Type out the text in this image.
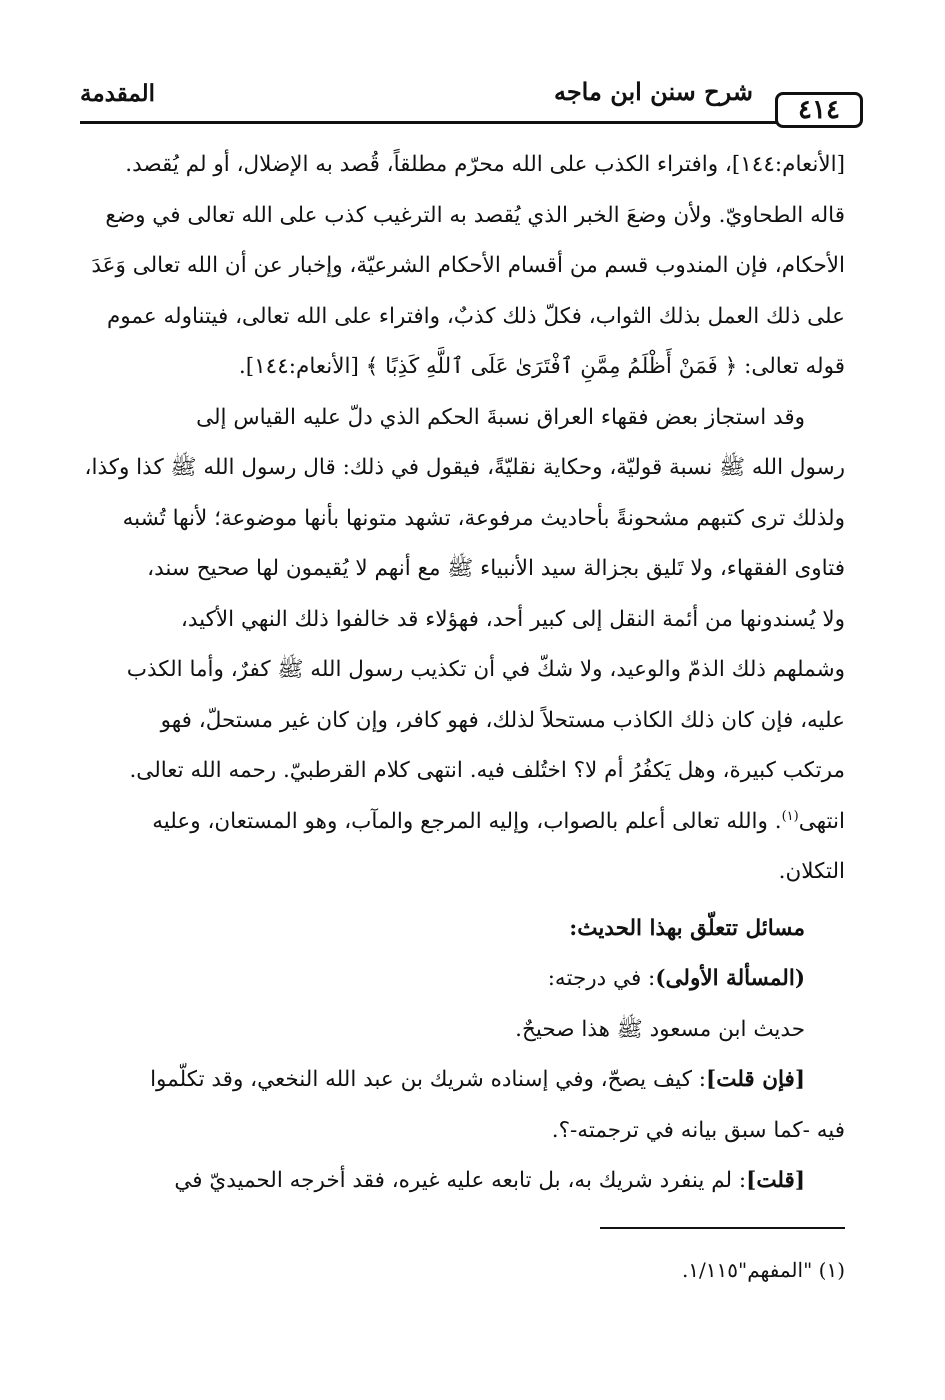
المقدمة	شرح سنن ابن ماجه
٤١٤
[الأنعام:١٤٤]، وافتراء الكذب على الله محرّم مطلقاً، قُصد به الإضلال، أو لم يُقصد.
قاله الطحاويّ. ولأن وضعَ الخبر الذي يُقصد به الترغيب كذب على الله تعالى في وضع
الأحكام، فإن المندوب قسم من أقسام الأحكام الشرعيّة، وإخبار عن أن الله تعالى وَعَدَ
على ذلك العمل بذلك الثواب، فكلّ ذلك كذبٌ، وافتراء على الله تعالى، فيتناوله عموم
قوله تعالى: ﴿ فَمَنْ أَظْلَمُ مِمَّنِ ٱفْتَرَىٰ عَلَى ٱللَّهِ كَذِبًا ﴾ [الأنعام:١٤٤].
وقد استجاز بعض فقهاء العراق نسبةَ الحكم الذي دلّ عليه القياس إلى
رسول الله ﷺ نسبة قوليّة، وحكاية نقليّةً، فيقول في ذلك: قال رسول الله ﷺ كذا وكذا،
ولذلك ترى كتبهم مشحونةً بأحاديث مرفوعة، تشهد متونها بأنها موضوعة؛ لأنها تُشبه
فتاوى الفقهاء، ولا تَليق بجزالة سيد الأنبياء ﷺ مع أنهم لا يُقيمون لها صحيح سند،
ولا يُسندونها من أئمة النقل إلى كبير أحد، فهؤلاء قد خالفوا ذلك النهي الأكيد،
وشملهم ذلك الذمّ والوعيد، ولا شكّ في أن تكذيب رسول الله ﷺ كفرٌ، وأما الكذب
عليه، فإن كان ذلك الكاذب مستحلاً لذلك، فهو كافر، وإن كان غير مستحلّ، فهو
مرتكب كبيرة، وهل يَكفُرُ أم لا؟ اختُلف فيه. انتهى كلام القرطبيّ. رحمه الله تعالى.
انتهى$^{(١)}$. والله تعالى أعلم بالصواب، وإليه المرجع والمآب، وهو المستعان، وعليه
التكلان.
مسائل تتعلّق بهذا الحديث:
(المسألة الأولى): في درجته:
حديث ابن مسعود ﷺ هذا صحيحٌ.
[فإن قلت]: كيف يصحّ، وفي إسناده شريك بن عبد الله النخعي، وقد تكلّموا
فيه -كما سبق بيانه في ترجمته-؟.
[قلت]: لم ينفرد شريك به، بل تابعه عليه غيره، فقد أخرجه الحميديّ في
(١) "المفهم"١/١١٥.
